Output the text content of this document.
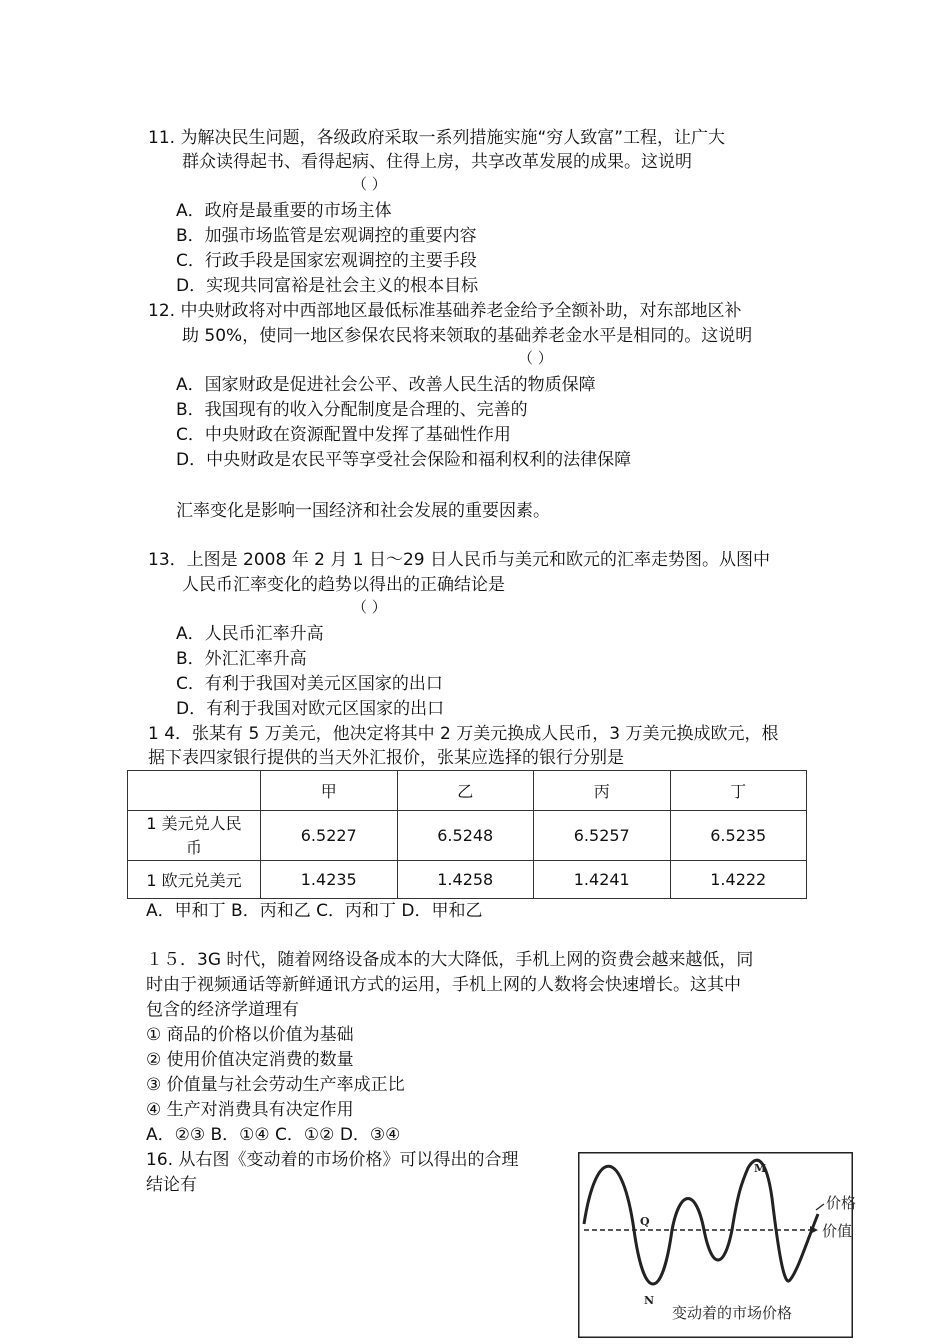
11. 为解决民生问题，各级政府采取一系列措施实施“穷人致富”工程，让广大
群众读得起书、看得起病、住得上房，共享改革发展的成果。这说明
（ ）
A．政府是最重要的市场主体
B．加强市场监管是宏观调控的重要内容
C．行政手段是国家宏观调控的主要手段
D．实现共同富裕是社会主义的根本目标
12. 中央财政将对中西部地区最低标准基础养老金给予全额补助，对东部地区补
助 50%，使同一地区参保农民将来领取的基础养老金水平是相同的。这说明
（ ）
A．国家财政是促进社会公平、改善人民生活的物质保障
B．我国现有的收入分配制度是合理的、完善的
C．中央财政在资源配置中发挥了基础性作用
D．中央财政是农民平等享受社会保险和福利权利的法律保障
汇率变化是影响一国经济和社会发展的重要因素。
13．上图是 2008 年 2 月 1 日～29 日人民币与美元和欧元的汇率走势图。从图中
人民币汇率变化的趋势以得出的正确结论是
（ ）
A．人民币汇率升高
B．外汇汇率升高
C．有利于我国对美元区国家的出口
D．有利于我国对欧元区国家的出口
1 4．张某有 5 万美元，他决定将其中 2 万美元换成人民币，3 万美元换成欧元，根
据下表四家银行提供的当天外汇报价，张某应选择的银行分别是
	甲	乙	丙	丁

1 美元兑人民
币	6.5227	6.5248	6.5257	6.5235
1 欧元兑美元	1.4235	1.4258	1.4241	1.4222
A．甲和丁 B．丙和乙 C．丙和丁 D．甲和乙
１５．3G 时代，随着网络设备成本的大大降低，手机上网的资费会越来越低，同
时由于视频通话等新鲜通讯方式的运用，手机上网的人数将会快速增长。这其中
包含的经济学道理有
① 商品的价格以价值为基础
② 使用价值决定消费的数量
③ 价值量与社会劳动生产率成正比
④ 生产对消费具有决定作用
A．②③ B．①④ C．①② D．③④
16. 从右图《变动着的市场价格》可以得出的合理
结论有
价格
价值
M
Q
N
变动着的市场价格
